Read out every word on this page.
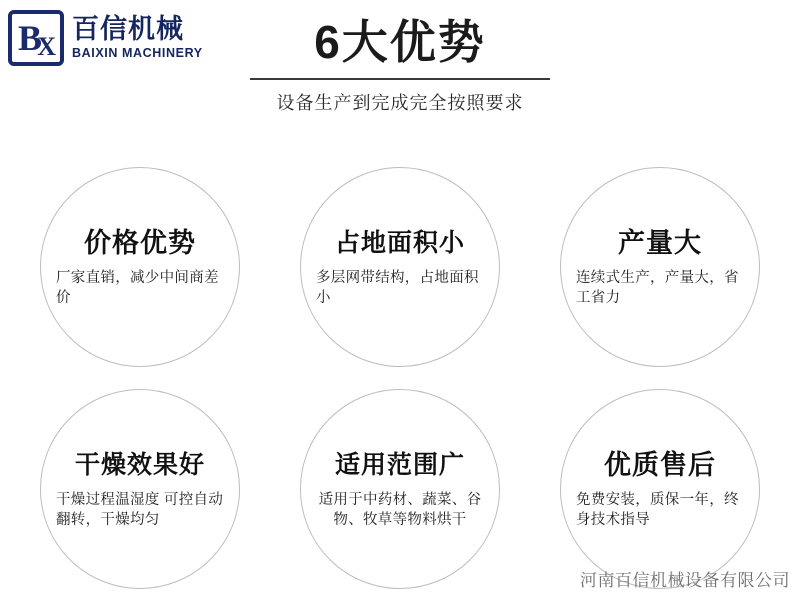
B
X
百信机械
BAIXIN MACHINERY	6大优势
设备生产到完成完全按照要求
价格优势
厂家直销，减少中间商差价
占地面积小
多层网带结构，占地面积小
产量大
连续式生产，产量大，省工省力
干燥效果好
干燥过程温湿度 可控自动翻转，干燥均匀
适用范围广
适用于中药材、蔬菜、谷物、牧草等物料烘干
优质售后
免费安装，质保一年，终身技术指导
河南百信机械设备有限公司
